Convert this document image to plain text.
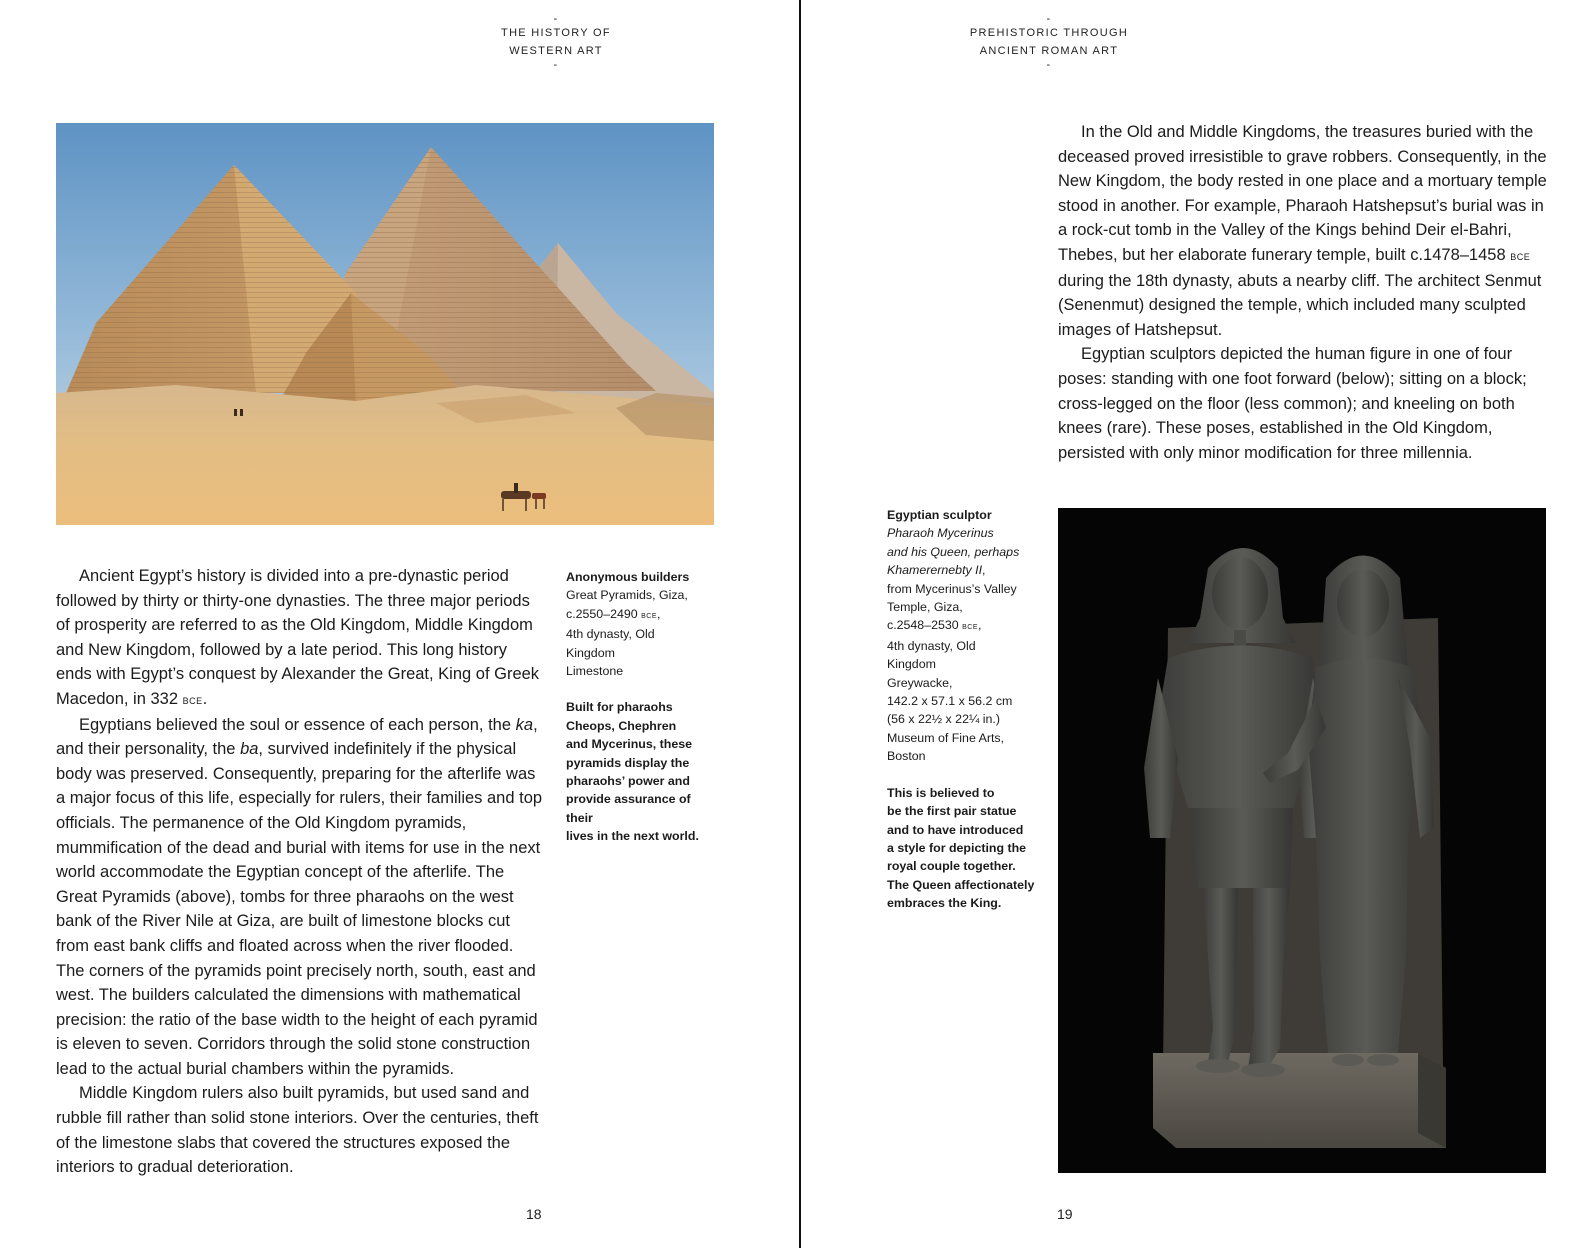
-
THE HISTORY OF
WESTERN ART
-

Ancient Egypt’s history is divided into a pre-dynastic period followed by thirty or thirty-one dynasties. The three major periods of prosperity are referred to as the Old Kingdom, Middle Kingdom and New Kingdom, followed by a late period. This long history ends with Egypt’s conquest by Alexander the Great, King of Greek Macedon, in 332 bce.

Egyptians believed the soul or essence of each person, the ka, and their personality, the ba, survived indefinitely if the physical body was preserved. Consequently, preparing for the afterlife was a major focus of this life, especially for rulers, their families and top officials. The permanence of the Old Kingdom pyramids, mummification of the dead and burial with items for use in the next world accommodate the Egyptian concept of the afterlife. The Great Pyramids (above), tombs for three pharaohs on the west bank of the River Nile at Giza, are built of limestone blocks cut from east bank cliffs and floated across when the river flooded. The corners of the pyramids point precisely north, south, east and west. The builders calculated the dimensions with mathematical precision: the ratio of the base width to the height of each pyramid is eleven to seven. Corridors through the solid stone construction lead to the actual burial chambers within the pyramids.

Middle Kingdom rulers also built pyramids, but used sand and rubble fill rather than solid stone interiors. Over the centuries, theft of the limestone slabs that covered the structures exposed the interiors to gradual deterioration.

Anonymous builders
Great Pyramids, Giza,
c.2550–2490 bce,
4th dynasty, Old
Kingdom
Limestone
Built for pharaohs
Cheops, Chephren
and Mycerinus, these
pyramids display the
pharaohs’ power and
provide assurance of their
lives in the next world.
18
-
PREHISTORIC THROUGH
ANCIENT ROMAN ART
-

In the Old and Middle Kingdoms, the treasures buried with the deceased proved irresistible to grave robbers. Consequently, in the New Kingdom, the body rested in one place and a mortuary temple stood in another. For example, Pharaoh Hatshepsut’s burial was in a rock-cut tomb in the Valley of the Kings behind Deir el-Bahri, Thebes, but her elaborate funerary temple, built c.1478–1458 bce during the 18th dynasty, abuts a nearby cliff. The architect Senmut (Senenmut) designed the temple, which included many sculpted images of Hatshepsut.

Egyptian sculptors depicted the human figure in one of four poses: standing with one foot forward (below); sitting on a block; cross-legged on the floor (less common); and kneeling on both knees (rare). These poses, established in the Old Kingdom, persisted with only minor modification for three millennia.

Egyptian sculptor
Pharaoh Mycerinus
and his Queen, perhaps
Khamerernebty II,
from Mycerinus’s Valley
Temple, Giza,
c.2548–2530 bce,
4th dynasty, Old
Kingdom
Greywacke,
142.2 x 57.1 x 56.2 cm
(56 x 22½ x 22¼ in.)
Museum of Fine Arts,
Boston
This is believed to
be the first pair statue
and to have introduced
a style for depicting the
royal couple together.
The Queen affectionately
embraces the King.
19
